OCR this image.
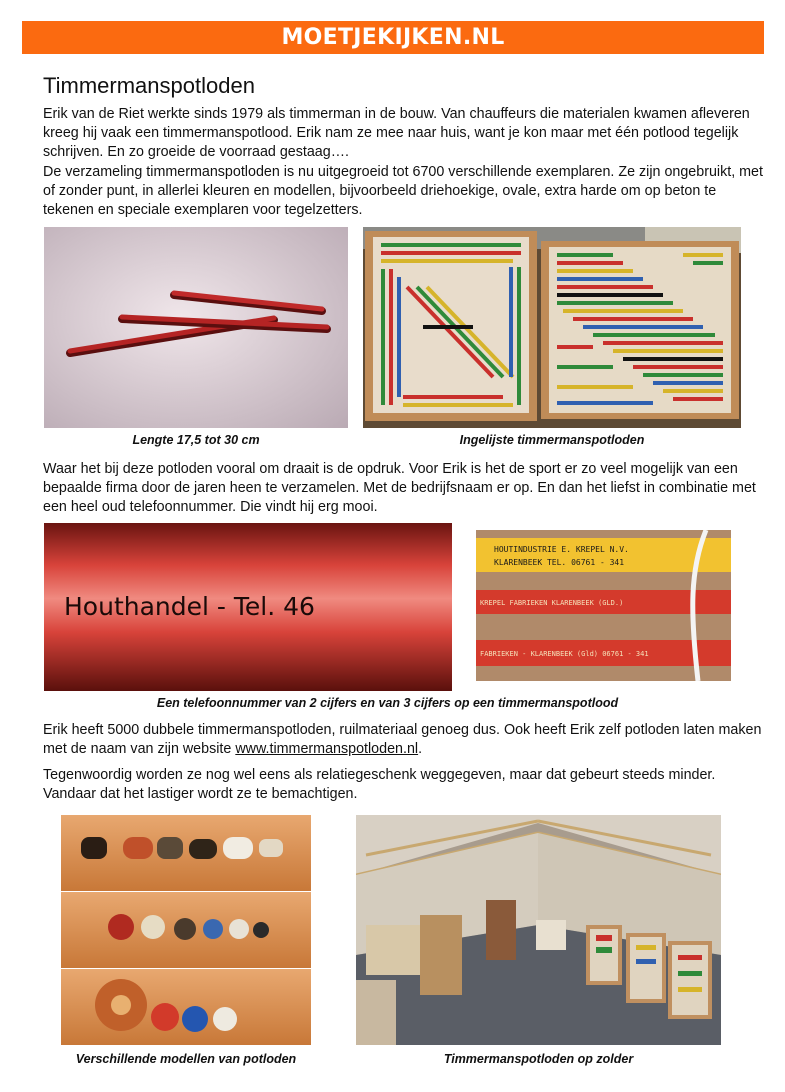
MOETJEKIJKEN.NL
Timmermanspotloden

Erik van de Riet werkte sinds 1979 als timmerman in de bouw. Van chauffeurs die materialen kwamen afleveren kreeg hij vaak een timmermanspotlood. Erik nam ze mee naar huis, want je kon maar met één potlood tegelijk schrijven. En zo groeide de voorraad gestaag….

De verzameling timmermanspotloden is nu uitgegroeid tot 6700 verschillende exemplaren. Ze zijn ongebruikt, met of zonder punt, in allerlei kleuren en modellen, bijvoorbeeld driehoekige, ovale, extra harde om op beton te tekenen en speciale exemplaren voor tegelzetters.

Lengte 17,5 tot 30 cm	Ingelijste timmermanspotloden

Waar het bij deze potloden vooral om draait is de opdruk. Voor Erik is het de sport er zo veel mogelijk van een bepaalde firma door de jaren heen te verzamelen. Met de bedrijfsnaam er op. En dan het liefst in combinatie met een heel oud telefoonnummer. Die vindt hij erg mooi.

Houthandel - Tel. 46
HOUTINDUSTRIE E. KREPEL N.V.
KLARENBEEK TEL. 06761 - 341
KREPEL FABRIEKEN KLARENBEEK (GLD.)
FABRIEKEN - KLARENBEEK (Gld) 06761 - 341
Een telefoonnummer van 2 cijfers en van 3 cijfers op een timmermanspotlood

Erik heeft 5000 dubbele timmermanspotloden, ruilmateriaal genoeg dus. Ook heeft Erik zelf potloden laten maken met de naam van zijn website www.timmermanspotloden.nl.

Tegenwoordig worden ze nog wel eens als relatiegeschenk weggegeven, maar dat gebeurt steeds minder. Vandaar dat het lastiger wordt ze te bemachtigen.

Verschillende modellen van potloden	Timmermanspotloden op zolder
